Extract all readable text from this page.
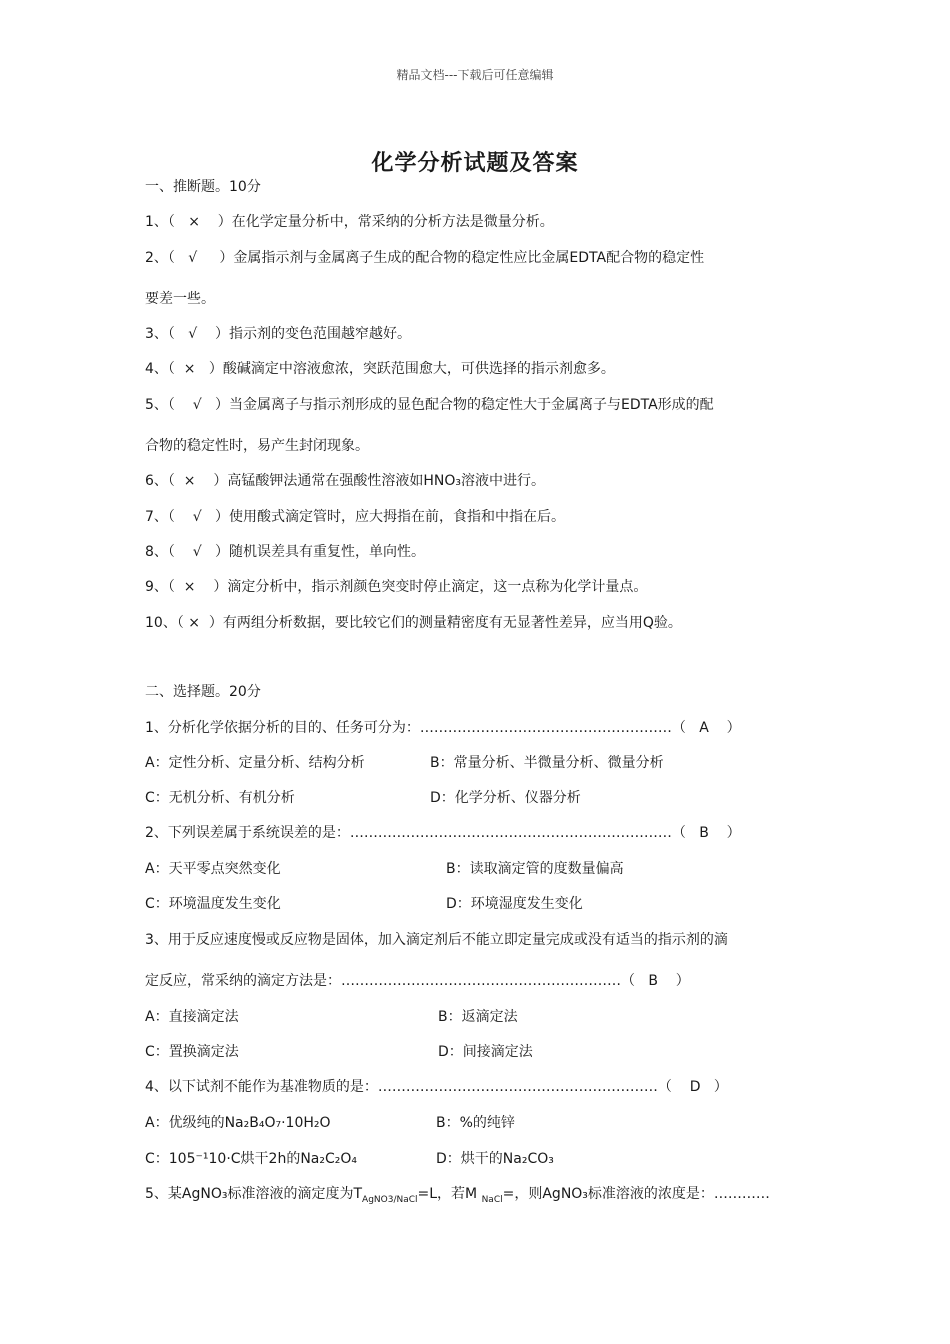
精品文档---下载后可任意编辑
化学分析试题及答案
一、推断题。10分
1、（   ×    ）在化学定量分析中，常采纳的分析方法是微量分析。
2、（   √     ）金属指示剂与金属离子生成的配合物的稳定性应比金属EDTA配合物的稳定性
要差一些。
3、（   √    ）指示剂的变色范围越窄越好。
4、（  ×   ）酸碱滴定中溶液愈浓，突跃范围愈大，可供选择的指示剂愈多。
5、（    √   ）当金属离子与指示剂形成的显色配合物的稳定性大于金属离子与EDTA形成的配
合物的稳定性时，易产生封闭现象。
6、（  ×    ）高锰酸钾法通常在强酸性溶液如HNO₃溶液中进行。
7、（    √   ）使用酸式滴定管时，应大拇指在前，食指和中指在后。
8、（    √   ）随机误差具有重复性，单向性。
9、（  ×    ）滴定分析中，指示剂颜色突变时停止滴定，这一点称为化学计量点。
10、（ ×  ）有两组分析数据，要比较它们的测量精密度有无显著性差异，应当用Q验。
二、选择题。20分
1、分析化学依据分析的目的、任务可分为：………………………………………………（   A    ）
A：定性分析、定量分析、结构分析	B：常量分析、半微量分析、微量分析
C：无机分析、有机分析	D：化学分析、仪器分析
2、下列误差属于系统误差的是：……………………………………………………………（   B    ）
A：天平零点突然变化	B：读取滴定管的度数量偏高
C：环境温度发生变化	D：环境湿度发生变化
3、用于反应速度慢或反应物是固体，加入滴定剂后不能立即定量完成或没有适当的指示剂的滴
定反应，常采纳的滴定方法是：……………………………………………………（   B    ）
A：直接滴定法	B：返滴定法
C：置换滴定法	D：间接滴定法
4、以下试剂不能作为基准物质的是：……………………………………………………（    D   ）
A：优级纯的Na₂B₄O₇·10H₂O	B：%的纯锌
C：105⁻¹10·C烘干2h的Na₂C₂O₄	D：烘干的Na₂CO₃
5、某AgNO₃标准溶液的滴定度为$T_{AgNO3/NaCl}=L$，若M $_{NaCl}$=，则AgNO₃标准溶液的浓度是：…………
